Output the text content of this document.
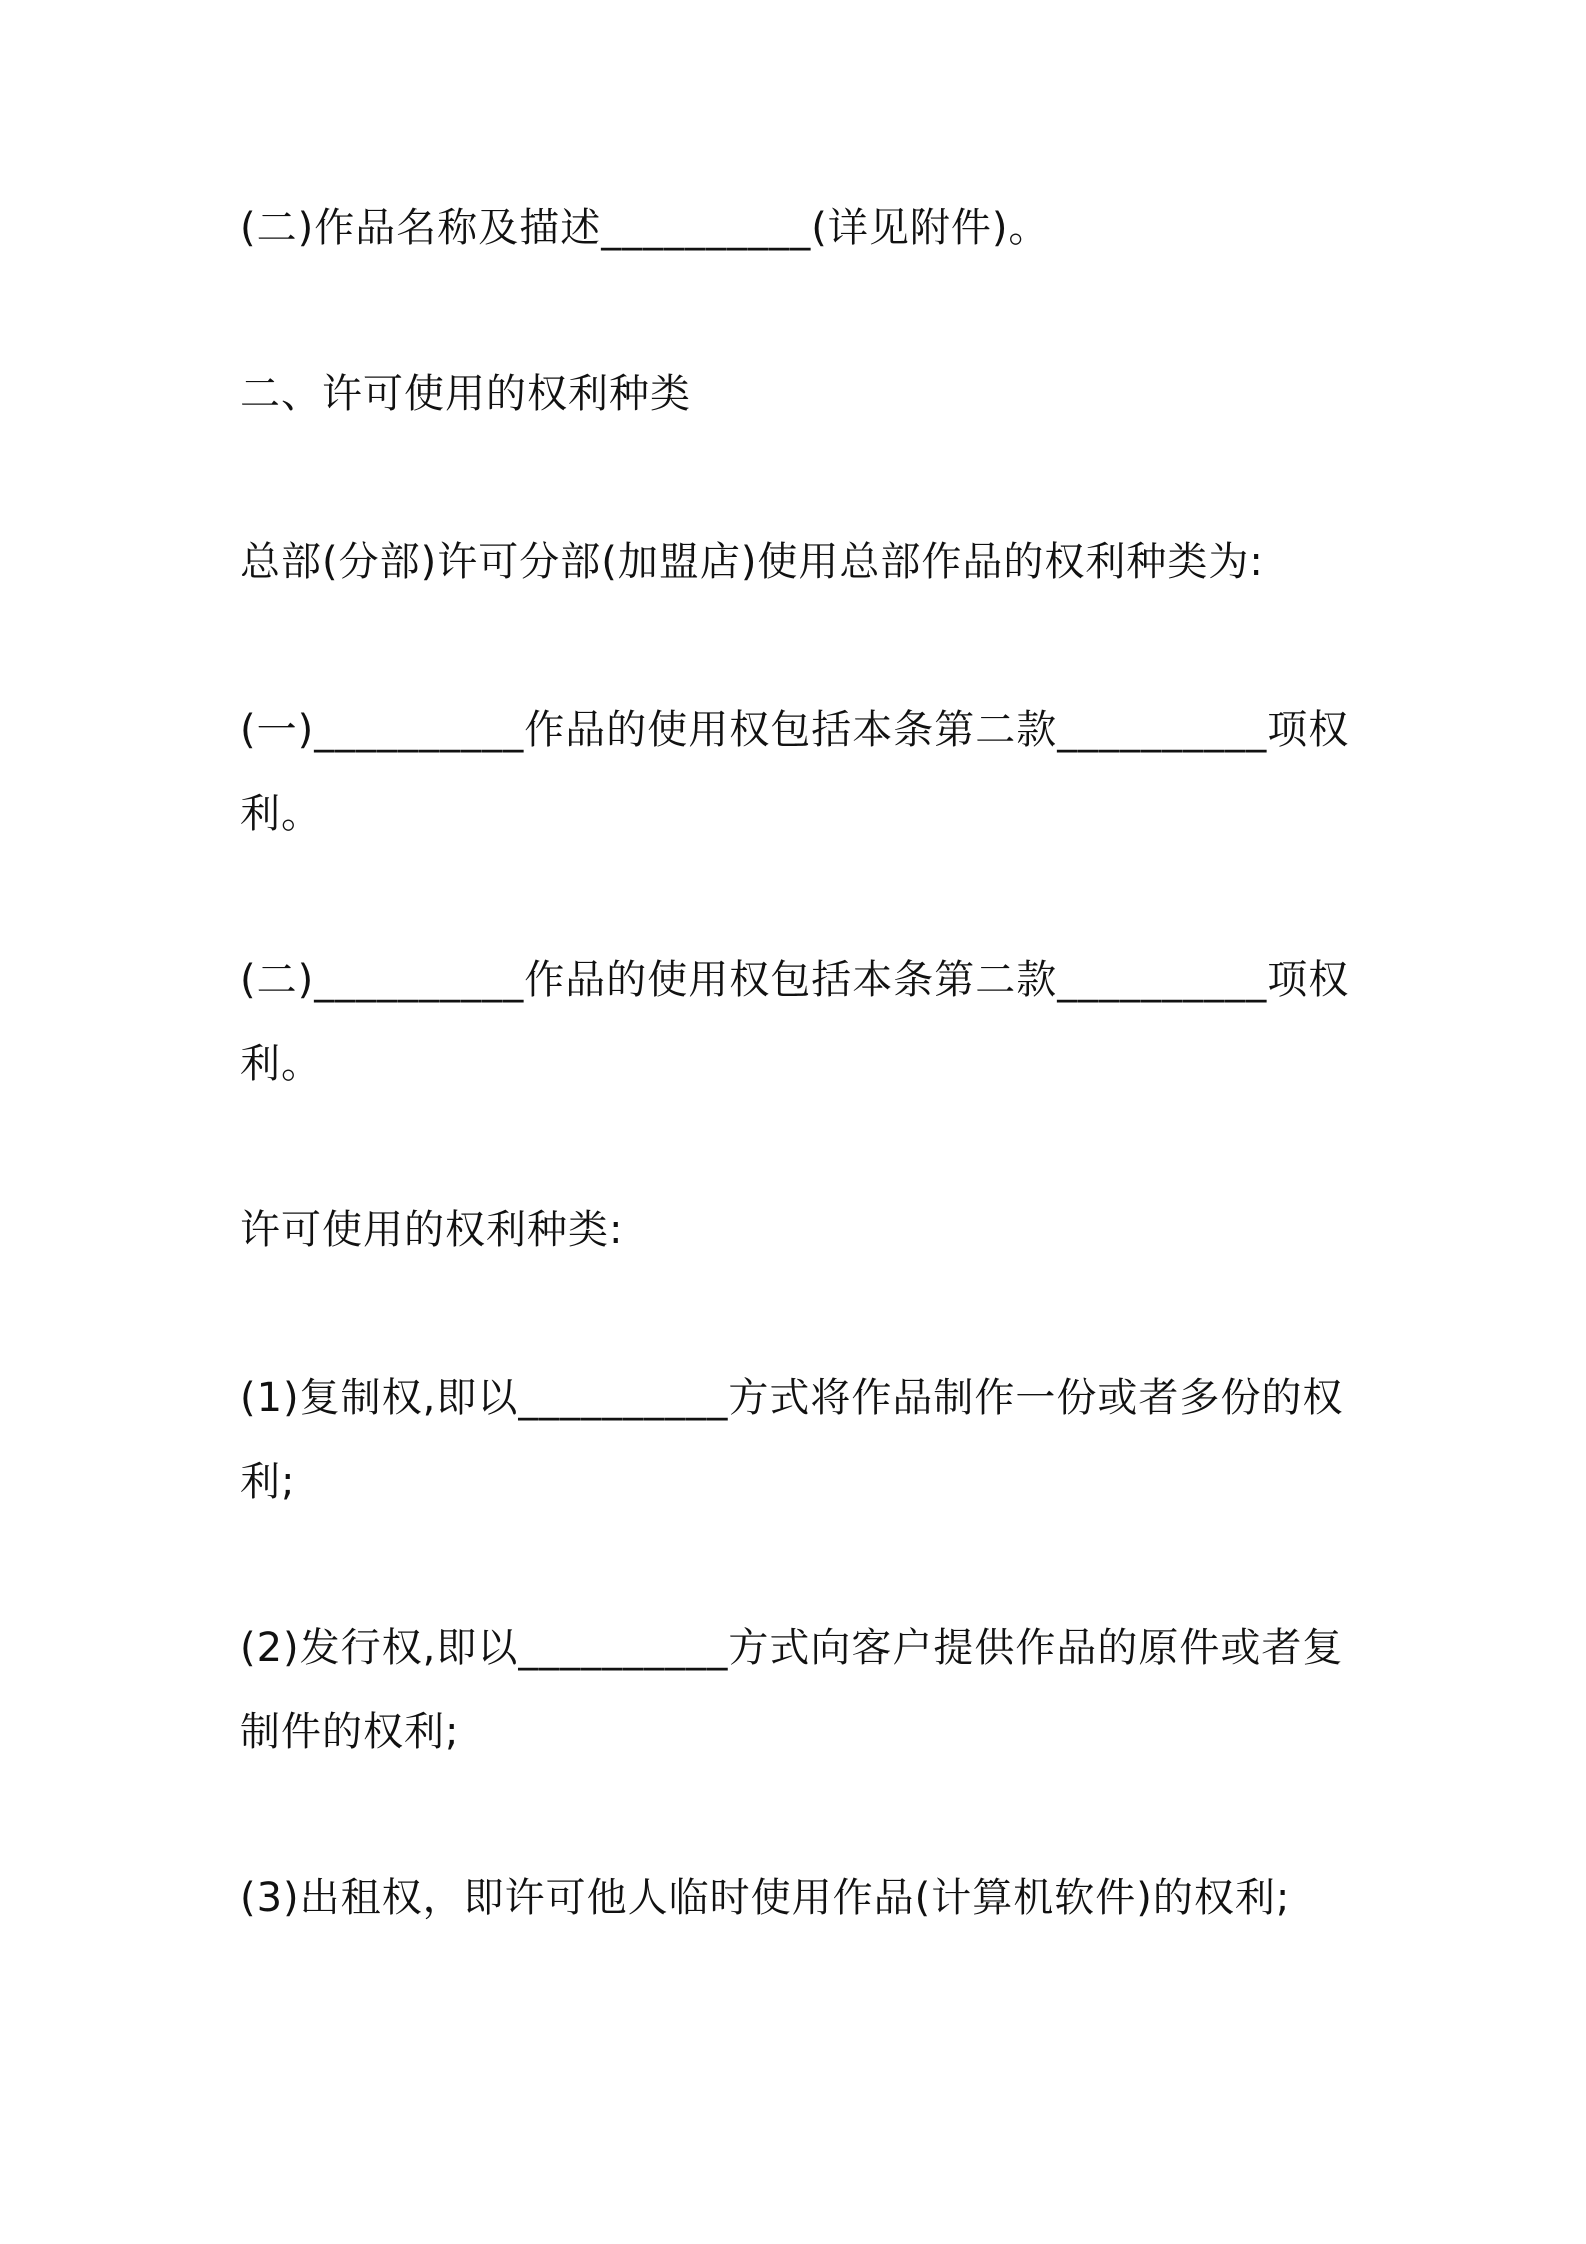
(二)作品名称及描述__________(详见附件)。

二、许可使用的权利种类

总部(分部)许可分部(加盟店)使用总部作品的权利种类为:

(一)__________作品的使用权包括本条第二款__________项权利。

(二)__________作品的使用权包括本条第二款__________项权利。

许可使用的权利种类:

(1)复制权,即以__________方式将作品制作一份或者多份的权利;

(2)发行权,即以__________方式向客户提供作品的原件或者复制件的权利;

(3)出租权，即许可他人临时使用作品(计算机软件)的权利;
